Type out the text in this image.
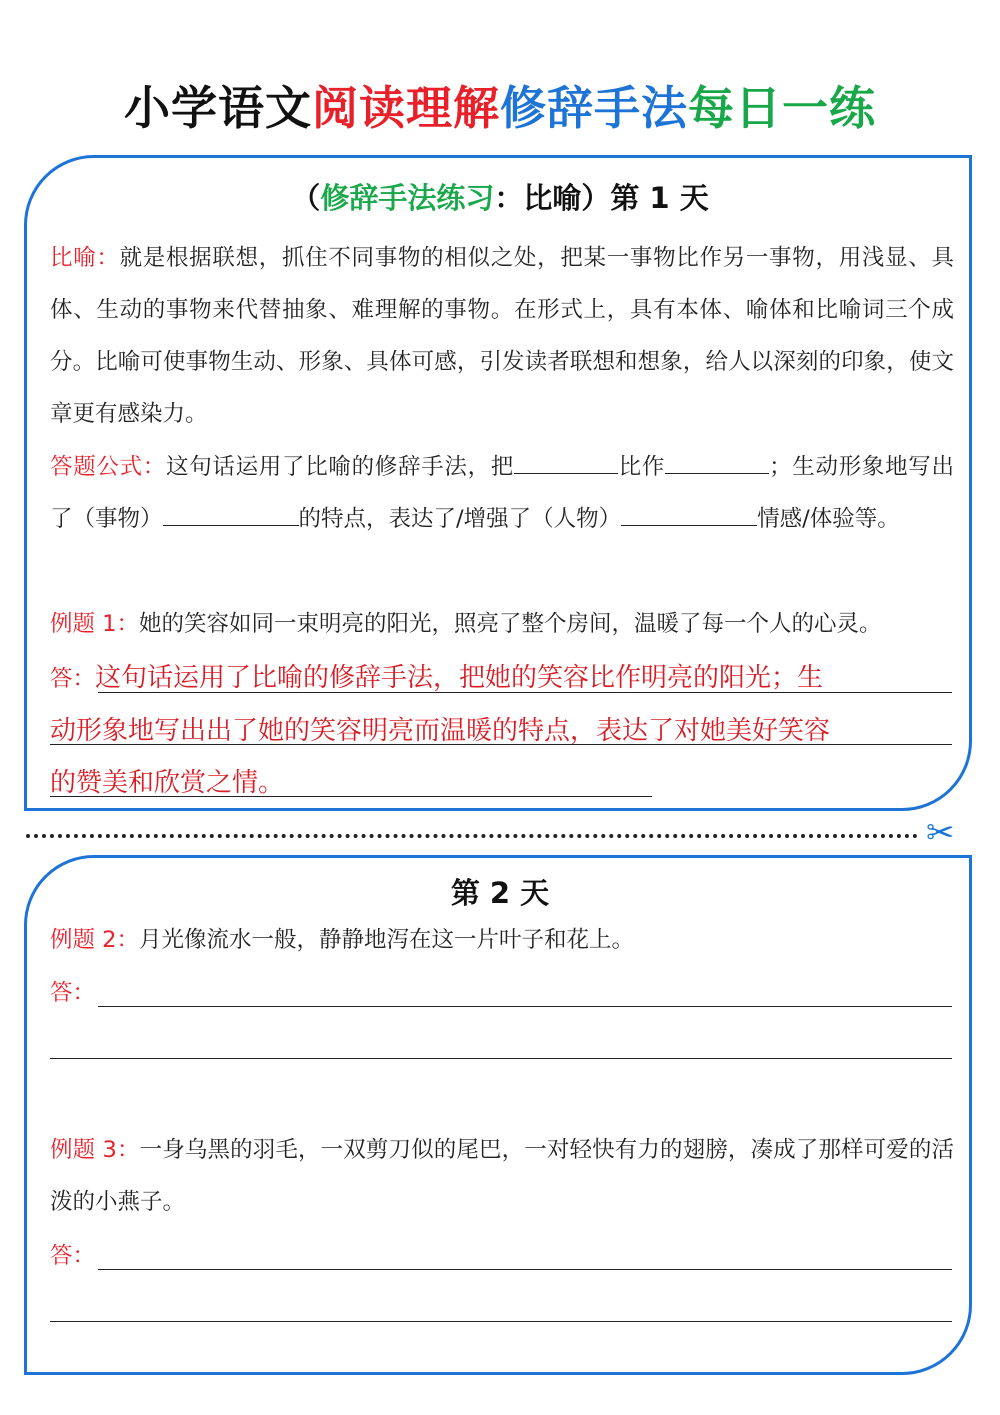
小学语文阅读理解修辞手法每日一练
（修辞手法练习：比喻）第 1 天
比喻：就是根据联想，抓住不同事物的相似之处，把某一事物比作另一事物，用浅显、具体、生动的事物来代替抽象、难理解的事物。在形式上，具有本体、喻体和比喻词三个成分。比喻可使事物生动、形象、具体可感，引发读者联想和想象，给人以深刻的印象，使文章更有感染力。
答题公式：这句话运用了比喻的修辞手法，把	比作	；生动形象地写出了（事物）	的特点，表达了/增强了（人物）	情感/体验等。
例题 1：她的笑容如同一束明亮的阳光，照亮了整个房间，温暖了每一个人的心灵。
答：这句话运用了比喻的修辞手法，把她的笑容比作明亮的阳光；生
动形象地写出出了她的笑容明亮而温暖的特点，表达了对她美好笑容
的赞美和欣赏之情。
✂
第 2 天
例题 2：月光像流水一般，静静地泻在这一片叶子和花上。
答：
例题 3：一身乌黑的羽毛，一双剪刀似的尾巴，一对轻快有力的翅膀，凑成了那样可爱的活泼的小燕子。
答：
